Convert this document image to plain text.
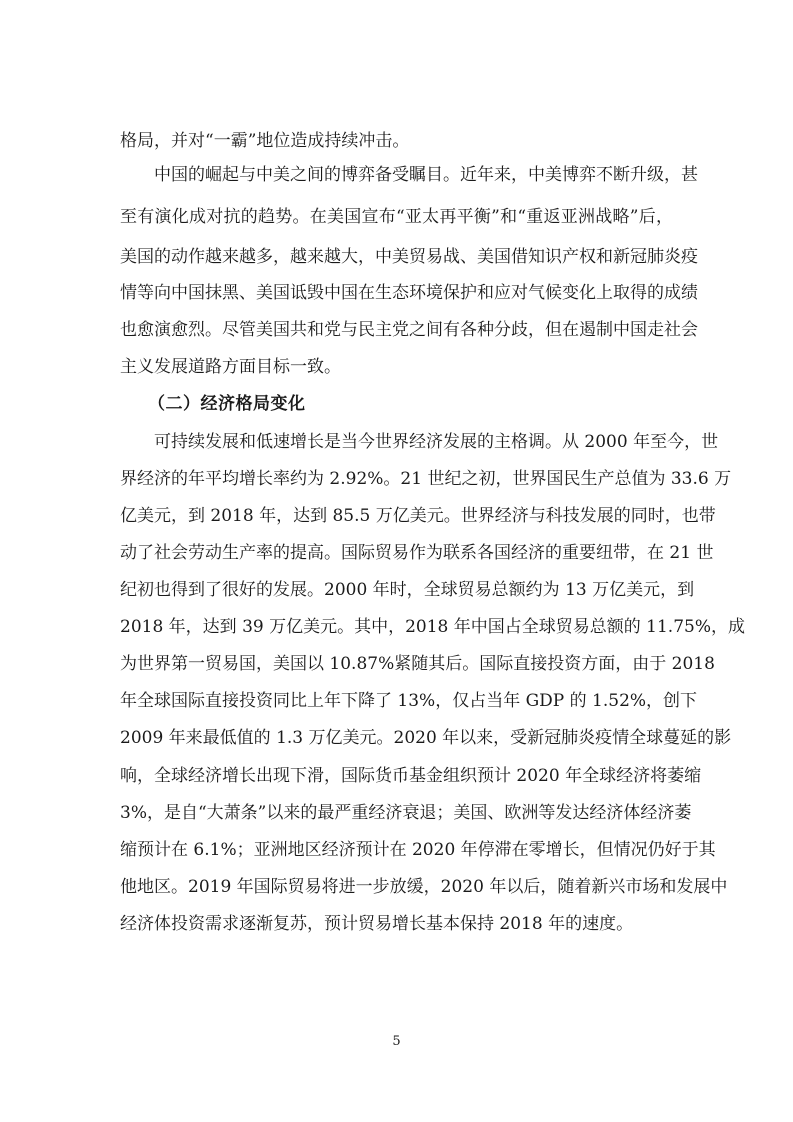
格局，并对“一霸”地位造成持续冲击。
中国的崛起与中美之间的博弈备受瞩目。近年来，中美博弈不断升级，甚
至有演化成对抗的趋势。在美国宣布“亚太再平衡”和“重返亚洲战略”后，
美国的动作越来越多，越来越大，中美贸易战、美国借知识产权和新冠肺炎疫
情等向中国抹黑、美国诋毁中国在生态环境保护和应对气候变化上取得的成绩
也愈演愈烈。尽管美国共和党与民主党之间有各种分歧，但在遏制中国走社会
主义发展道路方面目标一致。
（二）经济格局变化
可持续发展和低速增长是当今世界经济发展的主格调。从 2000 年至今，世
界经济的年平均增长率约为 2.92%。21 世纪之初，世界国民生产总值为 33.6 万
亿美元，到 2018 年，达到 85.5 万亿美元。世界经济与科技发展的同时，也带
动了社会劳动生产率的提高。国际贸易作为联系各国经济的重要纽带，在 21 世
纪初也得到了很好的发展。2000 年时，全球贸易总额约为 13 万亿美元，到
2018 年，达到 39 万亿美元。其中，2018 年中国占全球贸易总额的 11.75%，成
为世界第一贸易国，美国以 10.87%紧随其后。国际直接投资方面，由于 2018
年全球国际直接投资同比上年下降了 13%，仅占当年 GDP 的 1.52%，创下
2009 年来最低值的 1.3 万亿美元。2020 年以来，受新冠肺炎疫情全球蔓延的影
响，全球经济增长出现下滑，国际货币基金组织预计 2020 年全球经济将萎缩
3%，是自“大萧条”以来的最严重经济衰退；美国、欧洲等发达经济体经济萎
缩预计在 6.1%；亚洲地区经济预计在 2020 年停滞在零增长，但情况仍好于其
他地区。2019 年国际贸易将进一步放缓，2020 年以后，随着新兴市场和发展中
经济体投资需求逐渐复苏，预计贸易增长基本保持 2018 年的速度。
5
